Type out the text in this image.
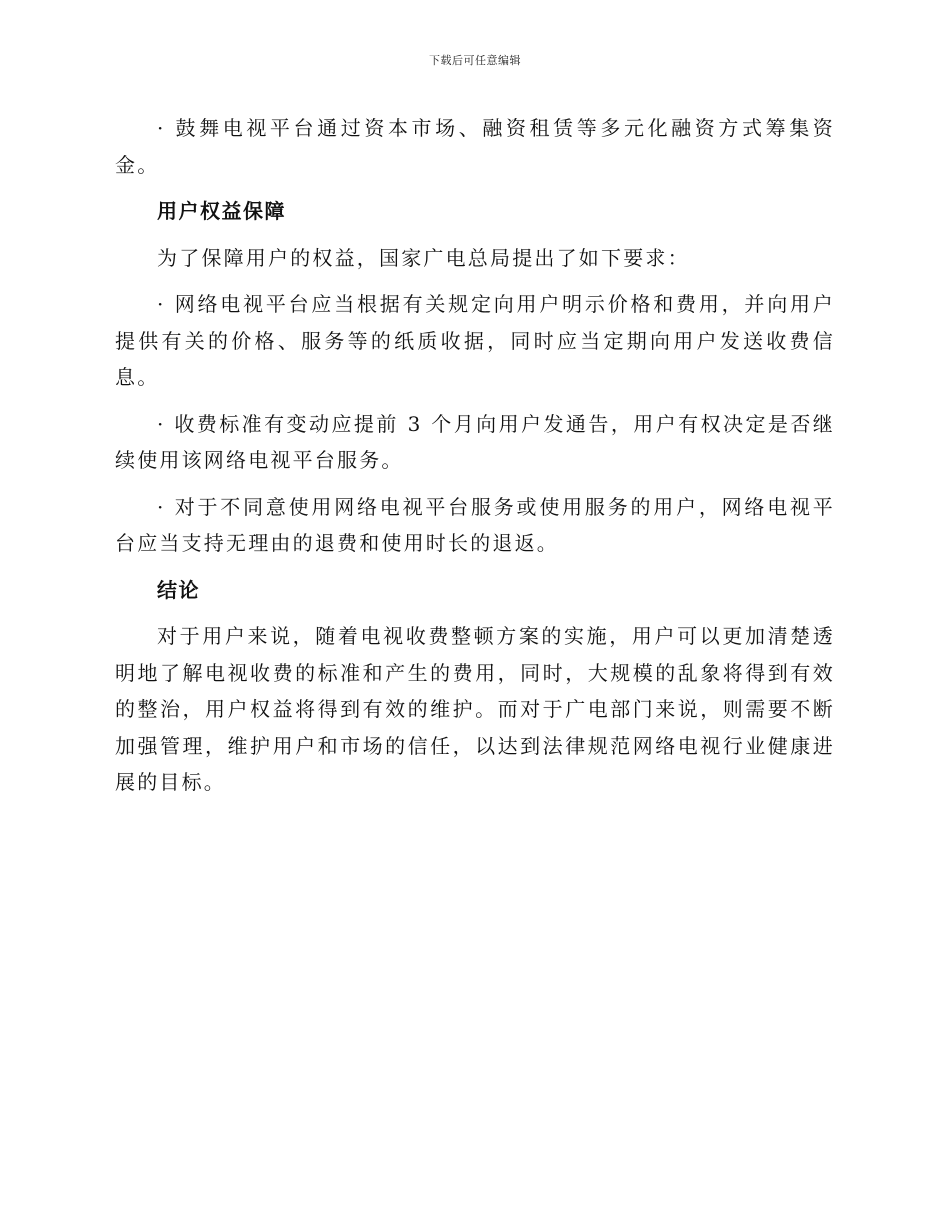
下载后可任意编辑

· 鼓舞电视平台通过资本市场、融资租赁等多元化融资方式筹集资金。

用户权益保障

为了保障用户的权益，国家广电总局提出了如下要求：

· 网络电视平台应当根据有关规定向用户明示价格和费用，并向用户提供有关的价格、服务等的纸质收据，同时应当定期向用户发送收费信息。

· 收费标准有变动应提前 3 个月向用户发通告，用户有权决定是否继续使用该网络电视平台服务。

· 对于不同意使用网络电视平台服务或使用服务的用户，网络电视平台应当支持无理由的退费和使用时长的退返。

结论

对于用户来说，随着电视收费整顿方案的实施，用户可以更加清楚透明地了解电视收费的标准和产生的费用，同时，大规模的乱象将得到有效的整治，用户权益将得到有效的维护。而对于广电部门来说，则需要不断加强管理，维护用户和市场的信任，以达到法律规范网络电视行业健康进展的目标。
